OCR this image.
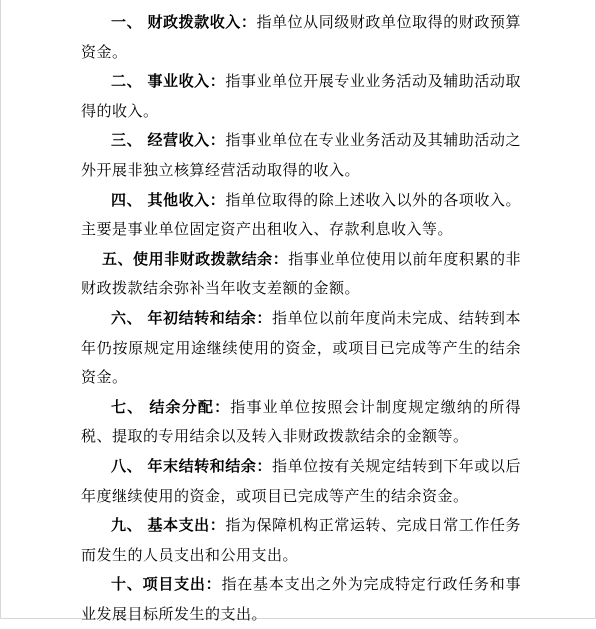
一、 财政拨款收入：指单位从同级财政单位取得的财政预算资金。

二、 事业收入：指事业单位开展专业业务活动及辅助活动取得的收入。

三、 经营收入：指事业单位在专业业务活动及其辅助活动之外开展非独立核算经营活动取得的收入。

四、 其他收入：指单位取得的除上述收入以外的各项收入。主要是事业单位固定资产出租收入、存款利息收入等。

五、使用非财政拨款结余：指事业单位使用以前年度积累的非财政拨款结余弥补当年收支差额的金额。

六、 年初结转和结余：指单位以前年度尚未完成、结转到本年仍按原规定用途继续使用的资金，或项目已完成等产生的结余资金。

七、 结余分配：指事业单位按照会计制度规定缴纳的所得税、提取的专用结余以及转入非财政拨款结余的金额等。

八、 年末结转和结余：指单位按有关规定结转到下年或以后年度继续使用的资金，或项目已完成等产生的结余资金。

九、 基本支出：指为保障机构正常运转、完成日常工作任务而发生的人员支出和公用支出。

十、项目支出：指在基本支出之外为完成特定行政任务和事业发展目标所发生的支出。
